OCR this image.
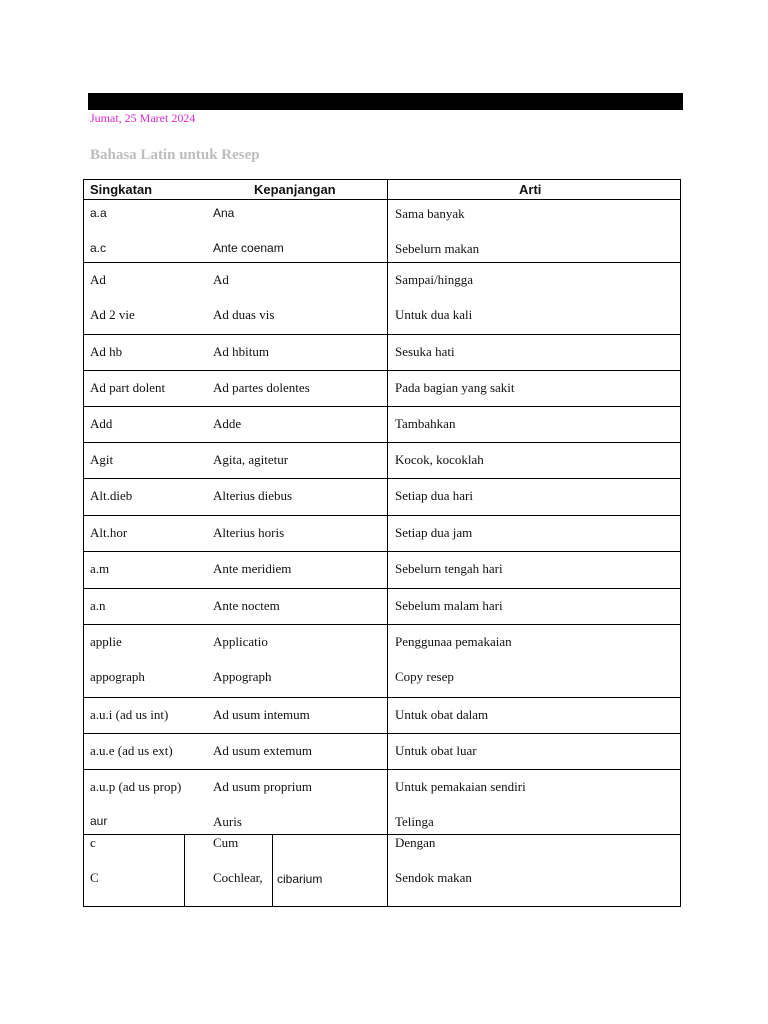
Jumat, 25 Maret 2024
Bahasa Latin untuk Resep
Singkatan	Kepanjangan	Arti
a.a	Ana	Sama banyak
a.c	Ante coenam	Sebelurn makan
Ad	Ad	Sampai/hingga
Ad 2 vie	Ad duas vis	Untuk dua kali
Ad hb	Ad hbitum	Sesuka hati
Ad part dolent	Ad partes dolentes	Pada bagian yang sakit
Add	Adde	Tambahkan
Agit	Agita, agitetur	Kocok, kocoklah
Alt.dieb	Alterius diebus	Setiap dua hari
Alt.hor	Alterius horis	Setiap dua jam
a.m	Ante meridiem	Sebelurn tengah hari
a.n	Ante noctem	Sebelum malam hari
applie	Applicatio	Penggunaa pemakaian
appograph	Appograph	Copy resep
a.u.i (ad us int)	Ad usum intemum	Untuk obat dalam
a.u.e (ad us ext)	Ad usum extemum	Untuk obat luar
a.u.p (ad us prop) Ad usum proprium	Untuk pemakaian sendiri
aur	Auris	Telinga
c	Cum	Dengan
C	Cochlear, cibarium	Sendok makan
